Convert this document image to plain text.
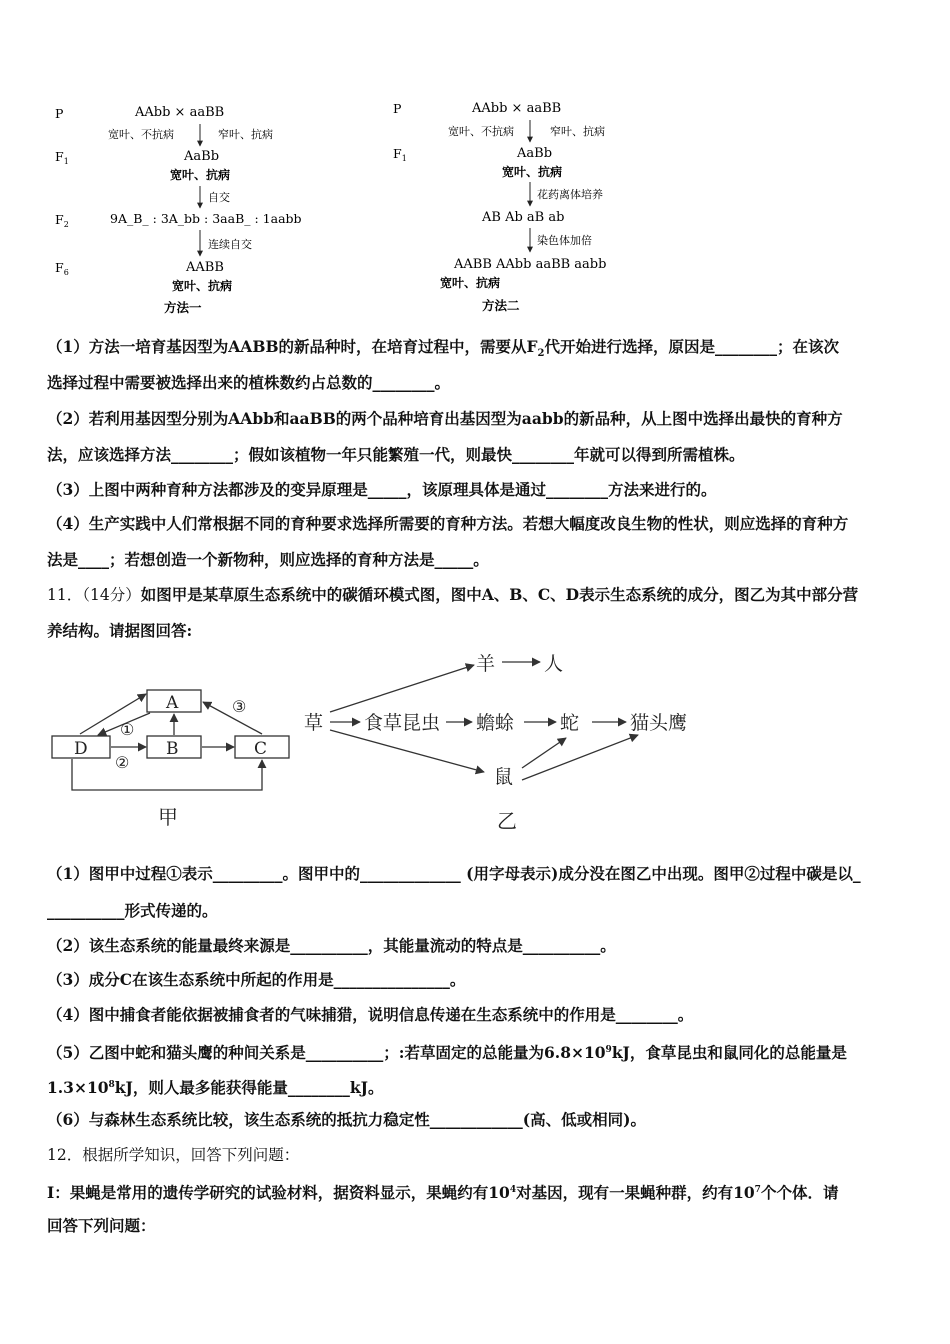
P	AAbb × aaBB
宽叶、不抗病	窄叶、抗病
$F_1$	AaBb
宽叶、抗病
自交
$F_2$	9A_B_ : 3A_bb : 3aaB_ : 1aabb
连续自交
$F_6$	AABB
宽叶、抗病
方法一
P	AAbb × aaBB
宽叶、不抗病	窄叶、抗病
$F_1$	AaBb
宽叶、抗病
花药离体培养
AB Ab aB ab
染色体加倍
AABB AAbb aaBB aabb
宽叶、抗病
方法二
（1）方法一培育基因型为AABB的新品种时，在培育过程中，需要从$F_2$代开始进行选择，原因是________；在该次
选择过程中需要被选择出来的植株数约占总数的________。
（2）若利用基因型分别为AAbb和aaBB的两个品种培育出基因型为aabb的新品种，从上图中选择出最快的育种方
法，应该选择方法________；假如该植物一年只能繁殖一代，则最快________年就可以得到所需植株。
（3）上图中两种育种方法都涉及的变异原理是_____，该原理具体是通过________方法来进行的。
（4）生产实践中人们常根据不同的育种要求选择所需要的育种方法。若想大幅度改良生物的性状，则应选择的育种方
法是____；若想创造一个新物种，则应选择的育种方法是_____。
11．（14分）如图甲是某草原生态系统中的碳循环模式图，图中A、B、C、D表示生态系统的成分，图乙为其中部分营
养结构。请据图回答:
A
D	B	C
①
②
③
甲
草
羊	人
食草昆虫 蟾蜍 蛇	猫头鹰
鼠
乙
（1）图甲中过程①表示_________。图甲中的_____________ (用字母表示)成分没在图乙中出现。图甲②过程中碳是以_
__________形式传递的。
（2）该生态系统的能量最终来源是__________，其能量流动的特点是__________。
（3）成分C在该生态系统中所起的作用是_______________。
（4）图中捕食者能依据被捕食者的气味捕猎，说明信息传递在生态系统中的作用是________。
（5）乙图中蛇和猫头鹰的种间关系是__________；:若草固定的总能量为$6.8\times 10^9kJ$，食草昆虫和鼠同化的总能量是
$1.3\times 10^8kJ$，则人最多能获得能量________kJ。
（6）与森林生态系统比较，该生态系统的抵抗力稳定性____________(高、低或相同)。
12．根据所学知识，回答下列问题：
Ⅰ：果蝇是常用的遗传学研究的试验材料，据资料显示，果蝇约有$10^4$对基因，现有一果蝇种群，约有$10^7$个个体．请
回答下列问题：
